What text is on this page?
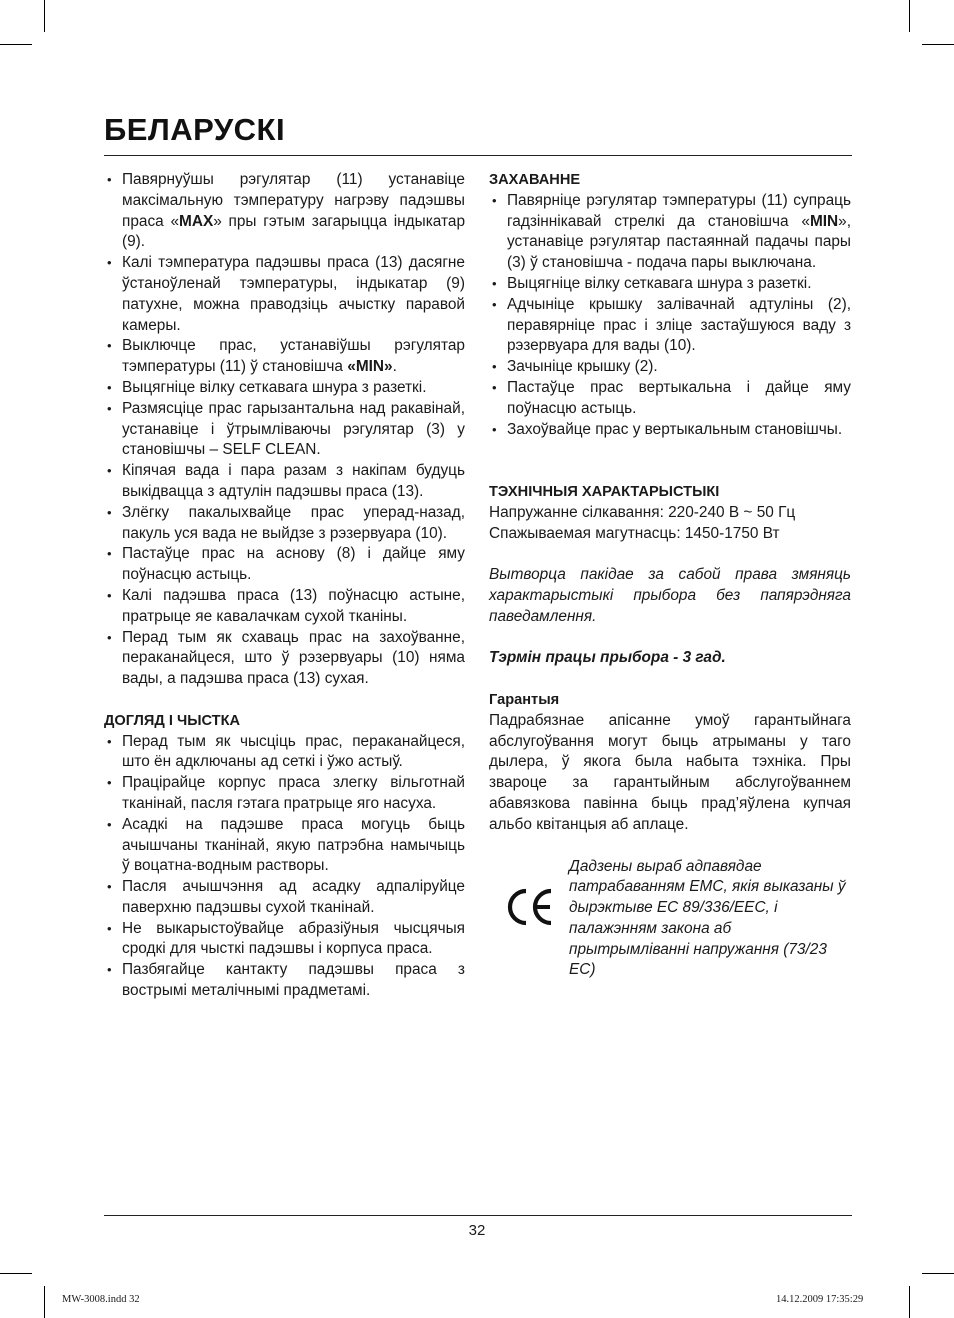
БЕЛАРУСКІ
• Павярнуўшы рэгулятар (11) устанавіце максімальную тэмпературу нагрэву падэшвы праса «MAX» пры гэтым загарыцца індыкатар (9).
• Калі тэмпература падэшвы праса (13) дасягне ўстаноўленай тэмпературы, індыкатар (9) патухне, можна праводзіць ачыстку паравой камеры.
• Выключце прас, устанавіўшы рэгулятар тэмпературы (11) ў становішча «MIN».
• Выцягніце вілку сеткавага шнура з разеткі.
• Размясціце прас гарызантальна над ракавінай, устанавіце і ўтрымліваючы рэгулятар (3) у становішчы – SELF CLEAN.
• Кіпячая вада і пара разам з накіпам будуць выкідвацца з адтулін падэшвы праса (13).
• Злёгку пакалыхвайце прас уперад-назад, пакуль уся вада не выйдзе з рэзервуара (10).
• Пастаўце прас на аснову (8) і дайце яму поўнасцю астыць.
• Калі падэшва праса (13) поўнасцю астыне, пратрыце яе кавалачкам сухой тканіны.
• Перад тым як схаваць прас на захоўванне, пераканайцеся, што ў рэзервуары (10) няма вады, а падэшва праса (13) сухая.

ДОГЛЯД І ЧЫСТКА

• Перад тым як чысціць прас, пераканайцеся, што ён адключаны ад сеткі і ўжо астыў.
• Працірайце корпус праса злегку вільготнай тканінай, пасля гэтага пратрыце яго насуха.
• Асадкі на падэшве праса могуць быць ачышчаны тканінай, якую патрэбна намычыць ў воцатна-водным растворы.
• Пасля ачышчэння ад асадку адпаліруйце паверхню падэшвы сухой тканінай.
• Не выкарыстоўвайце абразіўныя чысцячыя сродкі для чысткі падэшвы і корпуса праса.
• Пазбягайце кантакту падэшвы праса з вострымі металічнымі прадметамі.

ЗАХАВАННЕ

• Павярніце рэгулятар тэмпературы (11) супраць гадзіннікавай стрелкі да становішча «MIN», устанавіце рэгулятар пастаяннай падачы пары (3) ў становішча - подача пары выключана.
• Выцягніце вілку сеткавага шнура з разеткі.
• Адчыніце крышку залівачнай адтуліны (2), перавярніце прас і зліце застаўшуюся ваду з рэзервуара для вады (10).
• Зачыніце крышку (2).
• Пастаўце прас вертыкальна і дайце яму поўнасцю астыць.
• Захоўвайце прас у вертыкальным становішчы.

ТЭХНІЧНЫЯ ХАРАКТАРЫСТЫКІ

Напружанне сілкавання: 220-240 В ~ 50 Гц

Спажываемая магутнасць: 1450-1750 Вт

Вытворца пакідае за сабой права змяняць характарыстыкі прыбора без папярэдняга паведамлення.

Тэрмін працы прыбора - 3 гад.

Гарантыя

Падрабязнае апісанне умоў гарантыйнага абслугоўвання могут быць атрыманы у таго дылера, ў якога была набыта тэхніка. Пры звароце за гарантыйным абслугоўваннем абавязкова павінна быць прад’яўлена купчая альбо квітанцыя аб аплаце.

Дадзены выраб адпавядае патрабаванням ЕМС, якія выказаны ў дырэктыве ЕС 89/336/ЕЕС, і палажэнням закона аб прытрымліванні напружання (73/23 ЕС)

32
MW-3008.indd 32	14.12.2009 17:35:29
